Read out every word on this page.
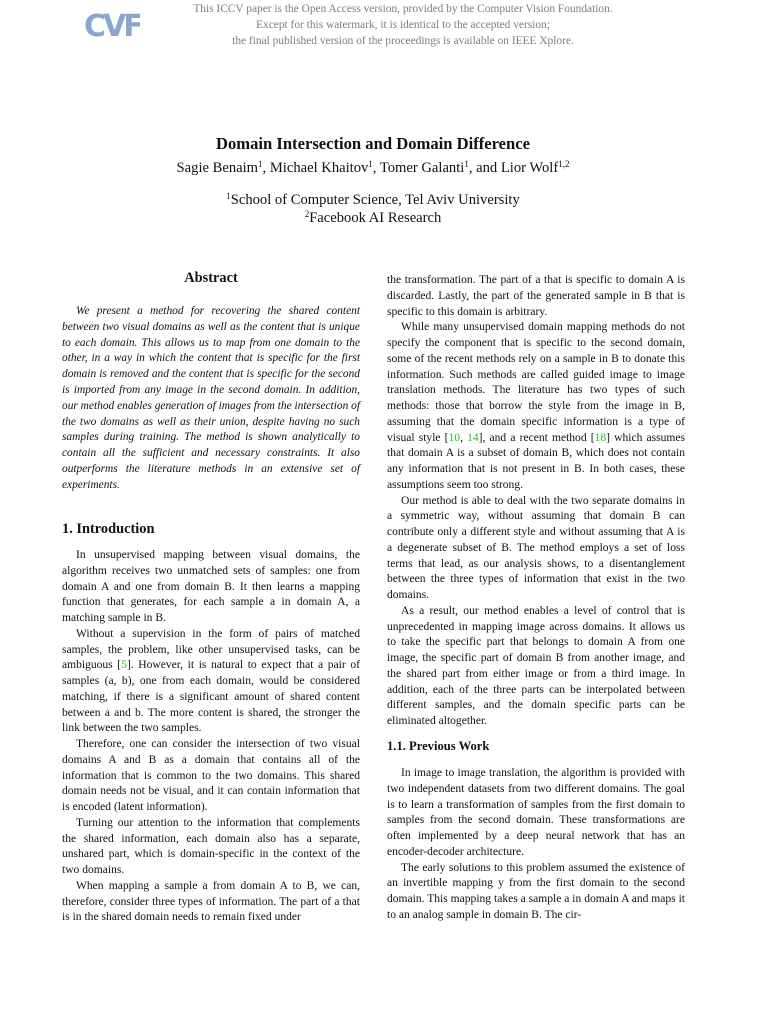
CVF	This ICCV paper is the Open Access version, provided by the Computer Vision Foundation.
Except for this watermark, it is identical to the accepted version;
the final published version of the proceedings is available on IEEE Xplore.
Domain Intersection and Domain Difference
Sagie Benaim$^1$, Michael Khaitov$^1$, Tomer Galanti$^1$, and Lior Wolf$^{1,2}$
$^1$School of Computer Science, Tel Aviv University
$^2$Facebook AI Research
Abstract

We present a method for recovering the shared content between two visual domains as well as the content that is unique to each domain. This allows us to map from one domain to the other, in a way in which the content that is specific for the first domain is removed and the content that is specific for the second is imported from any image in the second domain. In addition, our method enables generation of images from the intersection of the two domains as well as their union, despite having no such samples during training. The method is shown analytically to contain all the sufficient and necessary constraints. It also outperforms the literature methods in an extensive set of experiments.

1. Introduction

In unsupervised mapping between visual domains, the algorithm receives two unmatched sets of samples: one from domain A and one from domain B. It then learns a mapping function that generates, for each sample a in domain A, a matching sample in B.

Without a supervision in the form of pairs of matched samples, the problem, like other unsupervised tasks, can be ambiguous [5]. However, it is natural to expect that a pair of samples (a, b), one from each domain, would be considered matching, if there is a significant amount of shared content between a and b. The more content is shared, the stronger the link between the two samples.

Therefore, one can consider the intersection of two visual domains A and B as a domain that contains all of the information that is common to the two domains. This shared domain needs not be visual, and it can contain information that is encoded (latent information).

Turning our attention to the information that complements the shared information, each domain also has a separate, unshared part, which is domain-specific in the context of the two domains.

When mapping a sample a from domain A to B, we can, therefore, consider three types of information. The part of a that is in the shared domain needs to remain fixed under

the transformation. The part of a that is specific to domain A is discarded. Lastly, the part of the generated sample in B that is specific to this domain is arbitrary.

While many unsupervised domain mapping methods do not specify the component that is specific to the second domain, some of the recent methods rely on a sample in B to donate this information. Such methods are called guided image to image translation methods. The literature has two types of such methods: those that borrow the style from the image in B, assuming that the domain specific information is a type of visual style [10, 14], and a recent method [18] which assumes that domain A is a subset of domain B, which does not contain any information that is not present in B. In both cases, these assumptions seem too strong.

Our method is able to deal with the two separate domains in a symmetric way, without assuming that domain B can contribute only a different style and without assuming that A is a degenerate subset of B. The method employs a set of loss terms that lead, as our analysis shows, to a disentanglement between the three types of information that exist in the two domains.

As a result, our method enables a level of control that is unprecedented in mapping image across domains. It allows us to take the specific part that belongs to domain A from one image, the specific part of domain B from another image, and the shared part from either image or from a third image. In addition, each of the three parts can be interpolated between different samples, and the domain specific parts can be eliminated altogether.

1.1. Previous Work

In image to image translation, the algorithm is provided with two independent datasets from two different domains. The goal is to learn a transformation of samples from the first domain to samples from the second domain. These transformations are often implemented by a deep neural network that has an encoder-decoder architecture.

The early solutions to this problem assumed the existence of an invertible mapping y from the first domain to the second domain. This mapping takes a sample a in domain A and maps it to an analog sample in domain B. The cir-
